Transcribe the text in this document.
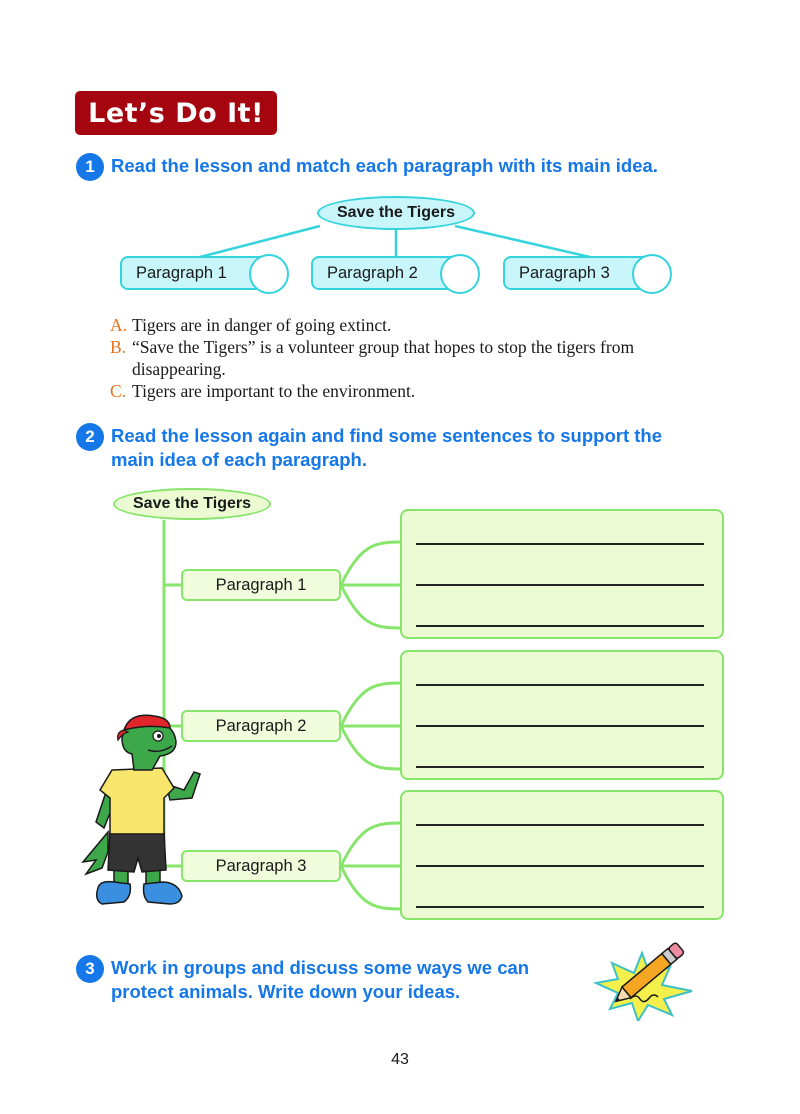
Let’s Do It!
1 Read the lesson and match each paragraph with its main idea.
Save the Tigers
Paragraph 1	Paragraph 2	Paragraph 3
A. Tigers are in danger of going extinct.
B. “Save the Tigers” is a volunteer group that hopes to stop the tigers from disappearing.
C. Tigers are important to the environment.
2 Read the lesson again and find some sentences to support the
main idea of each paragraph.
Save the Tigers
Paragraph 1
Paragraph 2
Paragraph 3
3 Work in groups and discuss some ways we can
protect animals. Write down your ideas.
43
